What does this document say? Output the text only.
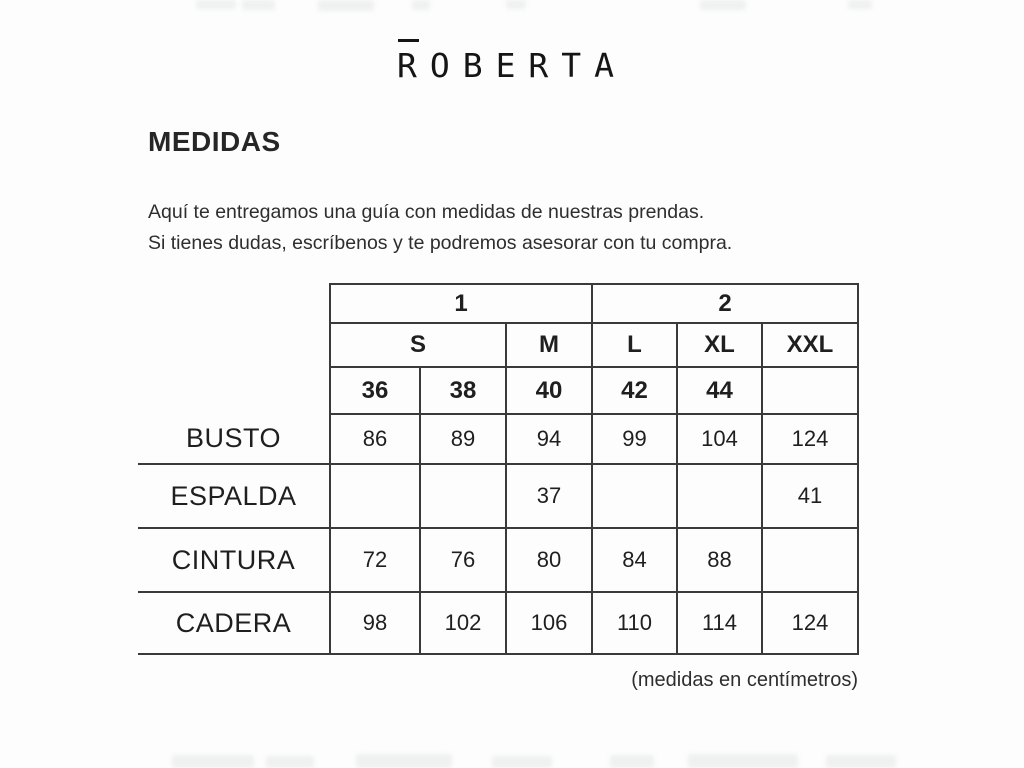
ROBERTA
MEDIDAS
Aquí te entregamos una guía con medidas de nuestras prendas.
Si tienes dudas, escríbenos y te podremos asesorar con tu compra.
	1			2		
	S		M	L	XL	XXL
	36	38	40	42	44	
BUSTO	86	89	94	99	104	124
ESPALDA			37			41
CINTURA	72	76	80	84	88	
CADERA	98	102	106	110	114	124
(medidas en centímetros)
